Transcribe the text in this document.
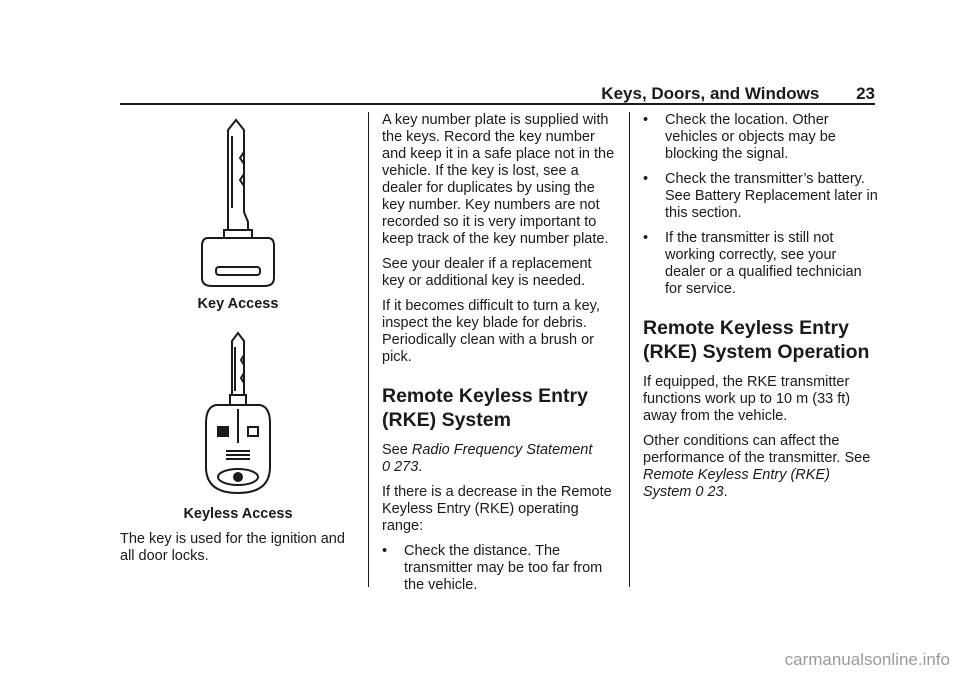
Keys, Doors, and Windows 23
Key Access
Keyless Access

The key is used for the ignition and all door locks.

A key number plate is supplied with the keys. Record the key number and keep it in a safe place not in the vehicle. If the key is lost, see a dealer for duplicates by using the key number. Key numbers are not recorded so it is very important to keep track of the key number plate.

See your dealer if a replacement key or additional key is needed.

If it becomes difficult to turn a key, inspect the key blade for debris. Periodically clean with a brush or pick.

Remote Keyless Entry (RKE) System

See Radio Frequency Statement
0 273.

If there is a decrease in the Remote Keyless Entry (RKE) operating range:

• Check the distance. The transmitter may be too far from the vehicle.
• Check the location. Other vehicles or objects may be blocking the signal.
• Check the transmitter’s battery. See Battery Replacement later in this section.
• If the transmitter is still not working correctly, see your dealer or a qualified technician for service.
Remote Keyless Entry (RKE) System Operation

If equipped, the RKE transmitter functions work up to 10 m (33 ft) away from the vehicle.

Other conditions can affect the performance of the transmitter. See
Remote Keyless Entry (RKE) System 0 23.

carmanualsonline.info
